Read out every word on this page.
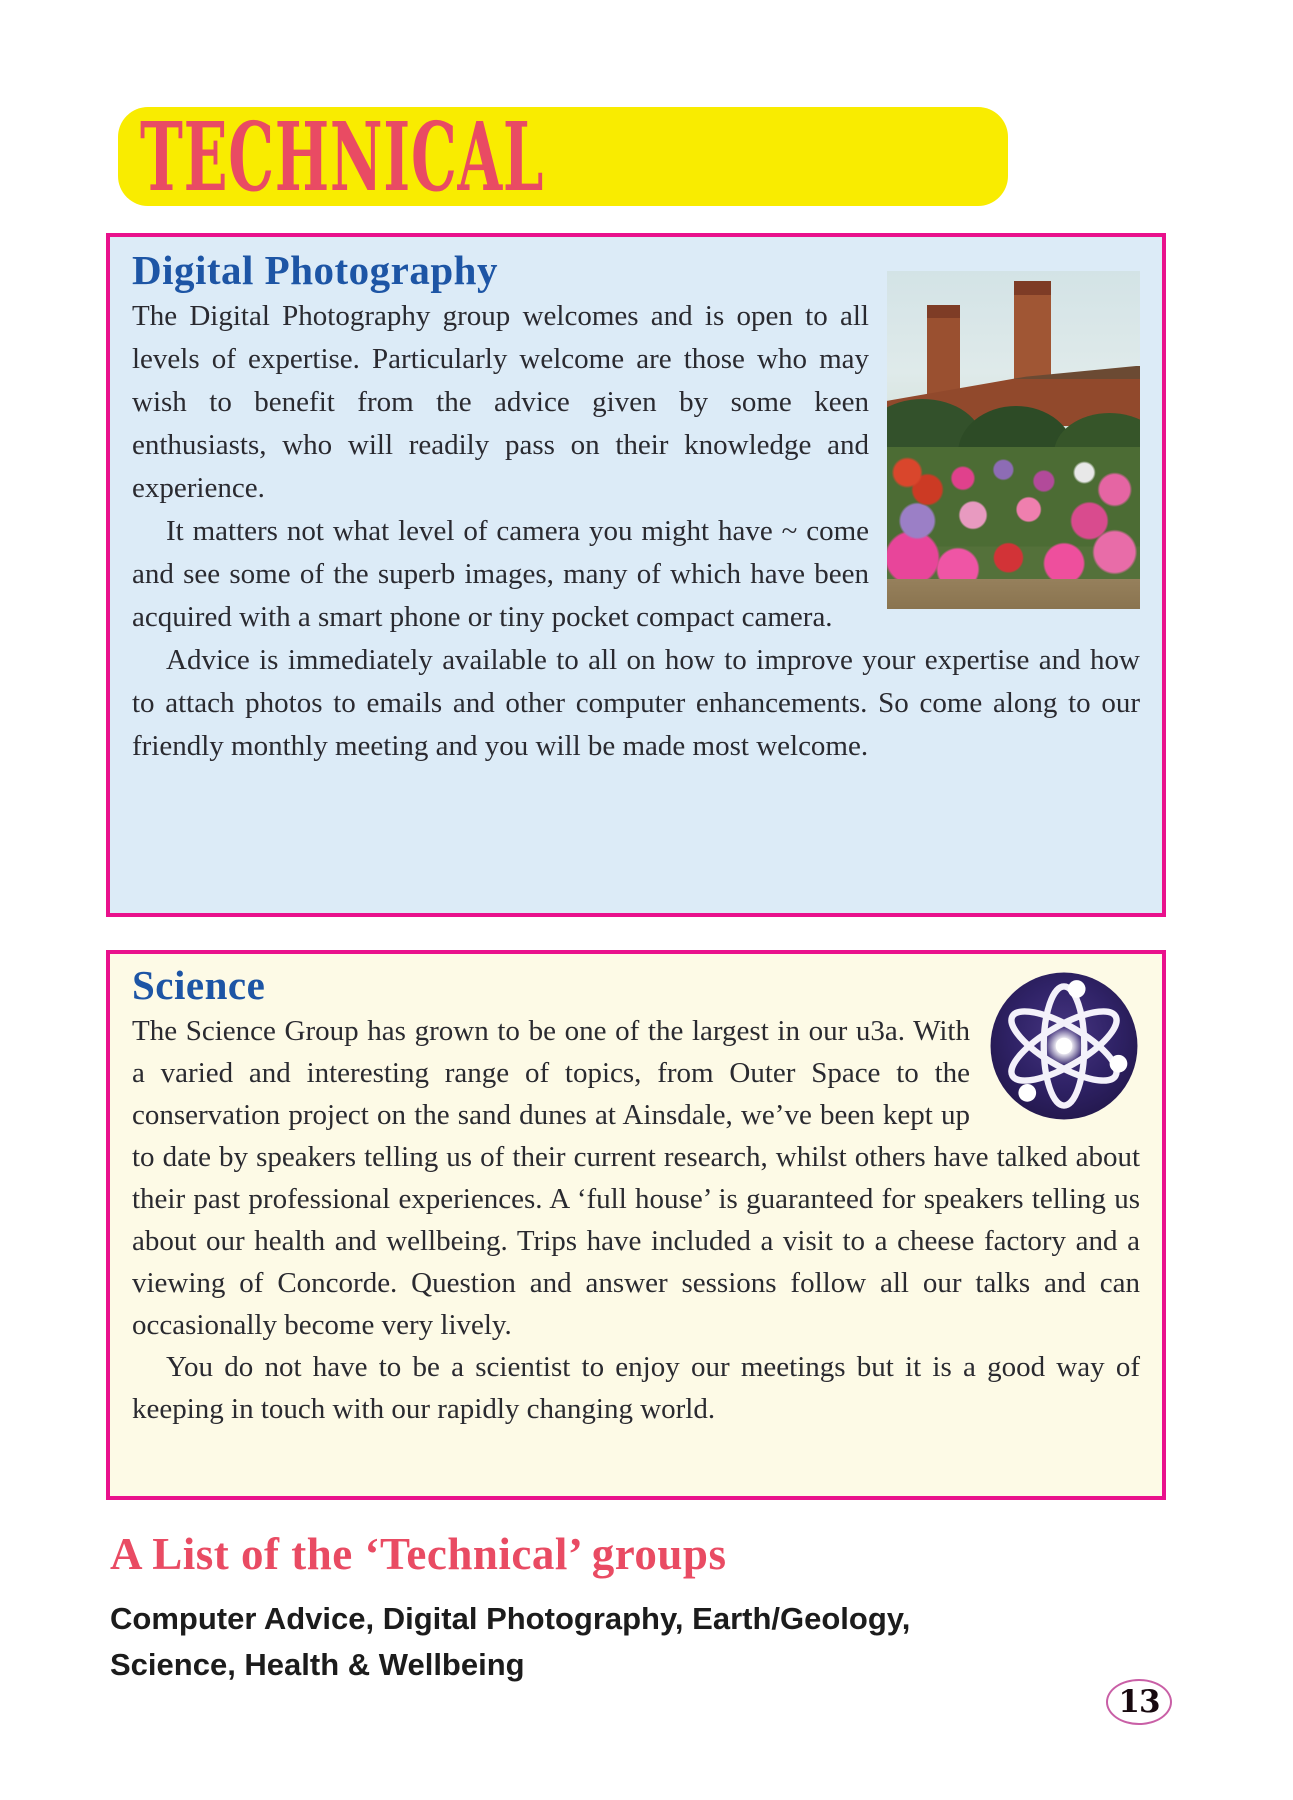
TECHNICAL
Digital Photography

The Digital Photography group welcomes and is open to all levels of expertise. Particularly welcome are those who may wish to benefit from the advice given by some keen enthusiasts, who will readily pass on their knowledge and experience.

It matters not what level of camera you might have ~ come and see some of the superb images, many of which have been acquired with a smart phone or tiny pocket compact camera.

Advice is immediately available to all on how to improve your expertise and how to attach photos to emails and other computer enhancements. So come along to our friendly monthly meeting and you will be made most welcome.

Science

The Science Group has grown to be one of the largest in our u3a. With a varied and interesting range of topics, from Outer Space to the conservation project on the sand dunes at Ainsdale, we’ve been kept up to date by speakers telling us of their current research, whilst others have talked about their past professional experiences. A ‘full house’ is guaranteed for speakers telling us about our health and wellbeing. Trips have included a visit to a cheese factory and a viewing of Concorde. Question and answer sessions follow all our talks and can occasionally become very lively.

You do not have to be a scientist to enjoy our meetings but it is a good way of keeping in touch with our rapidly changing world.

A List of the ‘Technical’ groups

Computer Advice, Digital Photography, Earth/Geology, Science, Health & Wellbeing

13
